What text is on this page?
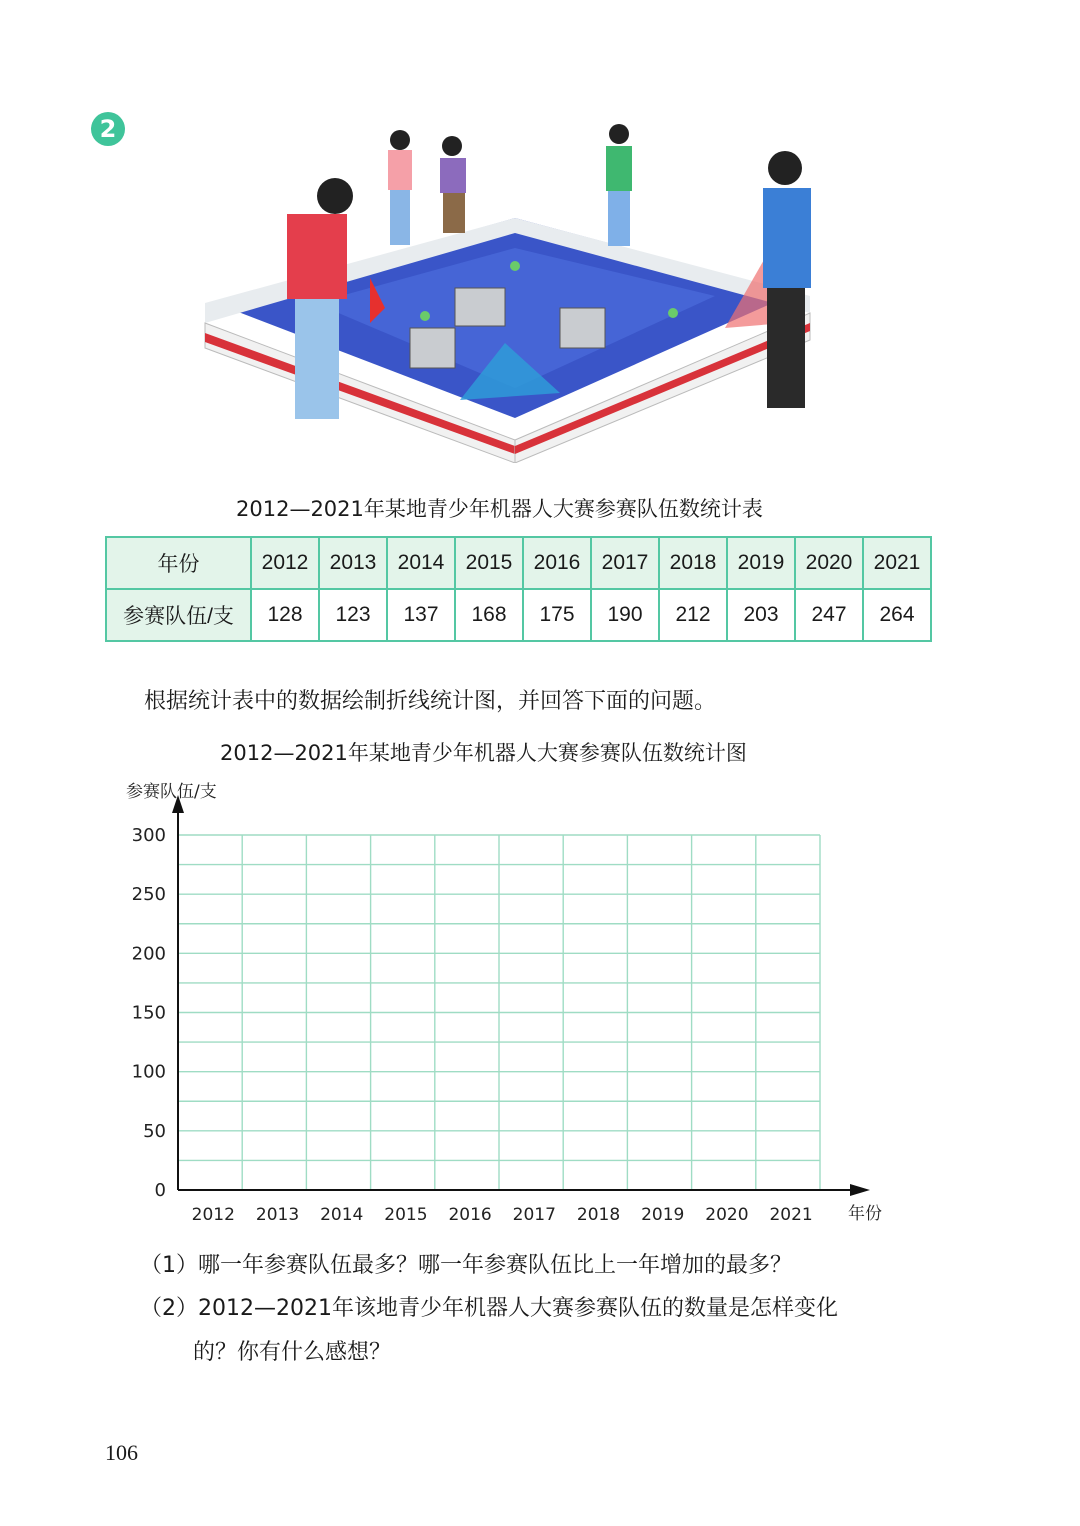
2
2012—2021年某地青少年机器人大赛参赛队伍数统计表
年份	2012	2013	2014	2015	2016	2017	2018	2019	2020	2021
参赛队伍/支	128	123	137	168	175	190	212	203	247	264
根据统计表中的数据绘制折线统计图，并回答下面的问题。
2012—2021年某地青少年机器人大赛参赛队伍数统计图
0
50
100
150
200
250
300
2012 2013 2014 2015 2016 2017 2018 2019 2020 2021
参赛队伍/支
年份
（1）哪一年参赛队伍最多？哪一年参赛队伍比上一年增加的最多？
（2）2012—2021年该地青少年机器人大赛参赛队伍的数量是怎样变化
的？你有什么感想？
106
